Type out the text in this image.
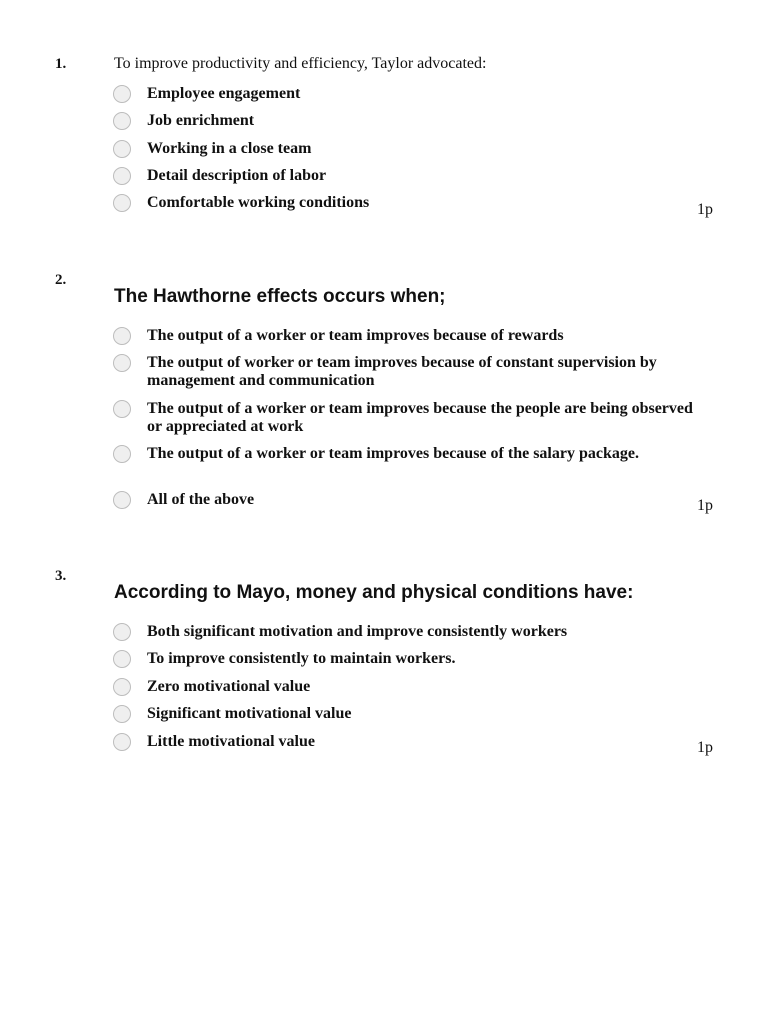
1.	To improve productivity and efficiency, Taylor advocated:
Employee engagement
Job enrichment
Working in a close team
Detail description of labor
Comfortable working conditions	1p
2.
The Hawthorne effects occurs when;
The output of a worker or team improves because of rewards
The output of worker or team improves because of constant supervision by management and communication
The output of a worker or team improves because the people are being observed or appreciated at work
The output of a worker or team improves because of the salary package.
All of the above	1p
3.
According to Mayo, money and physical conditions have:
Both significant motivation and improve consistently workers
To improve consistently to maintain workers.
Zero motivational value
Significant motivational value
Little motivational value	1p
